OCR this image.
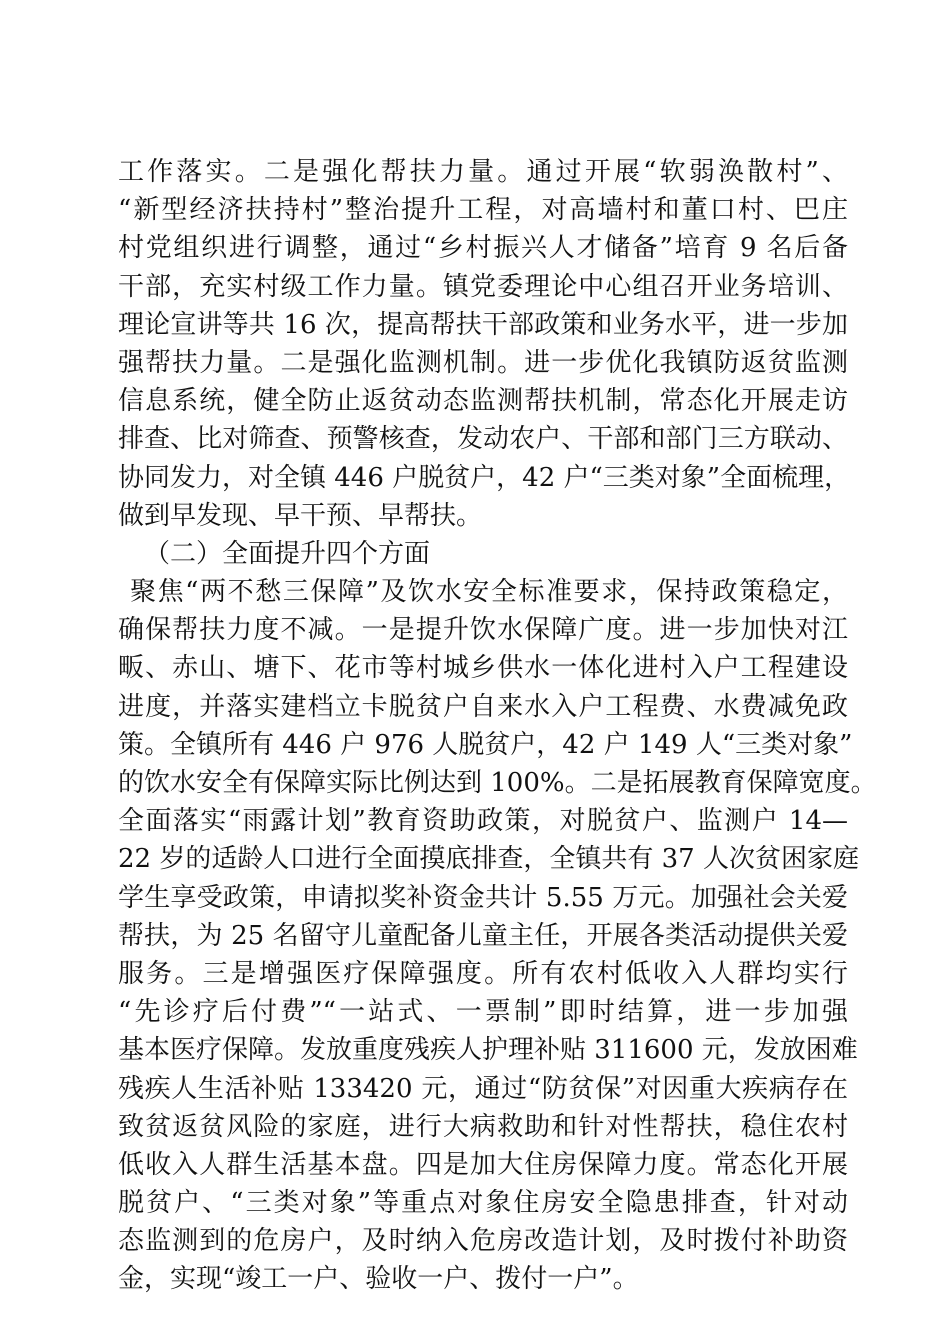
工作落实。二是强化帮扶力量。通过开展“软弱涣散村”、
“新型经济扶持村”整治提升工程，对高墙村和董口村、巴庄
村党组织进行调整，通过“乡村振兴人才储备”培育 9 名后备
干部，充实村级工作力量。镇党委理论中心组召开业务培训、
理论宣讲等共 16 次，提高帮扶干部政策和业务水平，进一步加
强帮扶力量。二是强化监测机制。进一步优化我镇防返贫监测
信息系统，健全防止返贫动态监测帮扶机制，常态化开展走访
排查、比对筛查、预警核查，发动农户、干部和部门三方联动、
协同发力，对全镇 446 户脱贫户，42 户“三类对象”全面梳理，
做到早发现、早干预、早帮扶。
（二）全面提升四个方面
聚焦“两不愁三保障”及饮水安全标准要求，保持政策稳定，
确保帮扶力度不减。一是提升饮水保障广度。进一步加快对江
畈、赤山、塘下、花市等村城乡供水一体化进村入户工程建设
进度，并落实建档立卡脱贫户自来水入户工程费、水费减免政
策。全镇所有 446 户 976 人脱贫户，42 户 149 人“三类对象”
的饮水安全有保障实际比例达到 100%。二是拓展教育保障宽度。
全面落实“雨露计划”教育资助政策，对脱贫户、监测户 14—
22 岁的适龄人口进行全面摸底排查，全镇共有 37 人次贫困家庭
学生享受政策，申请拟奖补资金共计 5.55 万元。加强社会关爱
帮扶，为 25 名留守儿童配备儿童主任，开展各类活动提供关爱
服务。三是增强医疗保障强度。所有农村低收入人群均实行
“先诊疗后付费”“一站式、一票制”即时结算，进一步加强
基本医疗保障。发放重度残疾人护理补贴 311600 元，发放困难
残疾人生活补贴 133420 元，通过“防贫保”对因重大疾病存在
致贫返贫风险的家庭，进行大病救助和针对性帮扶，稳住农村
低收入人群生活基本盘。四是加大住房保障力度。常态化开展
脱贫户、“三类对象”等重点对象住房安全隐患排查，针对动
态监测到的危房户，及时纳入危房改造计划，及时拨付补助资
金，实现“竣工一户、验收一户、拨付一户”。
